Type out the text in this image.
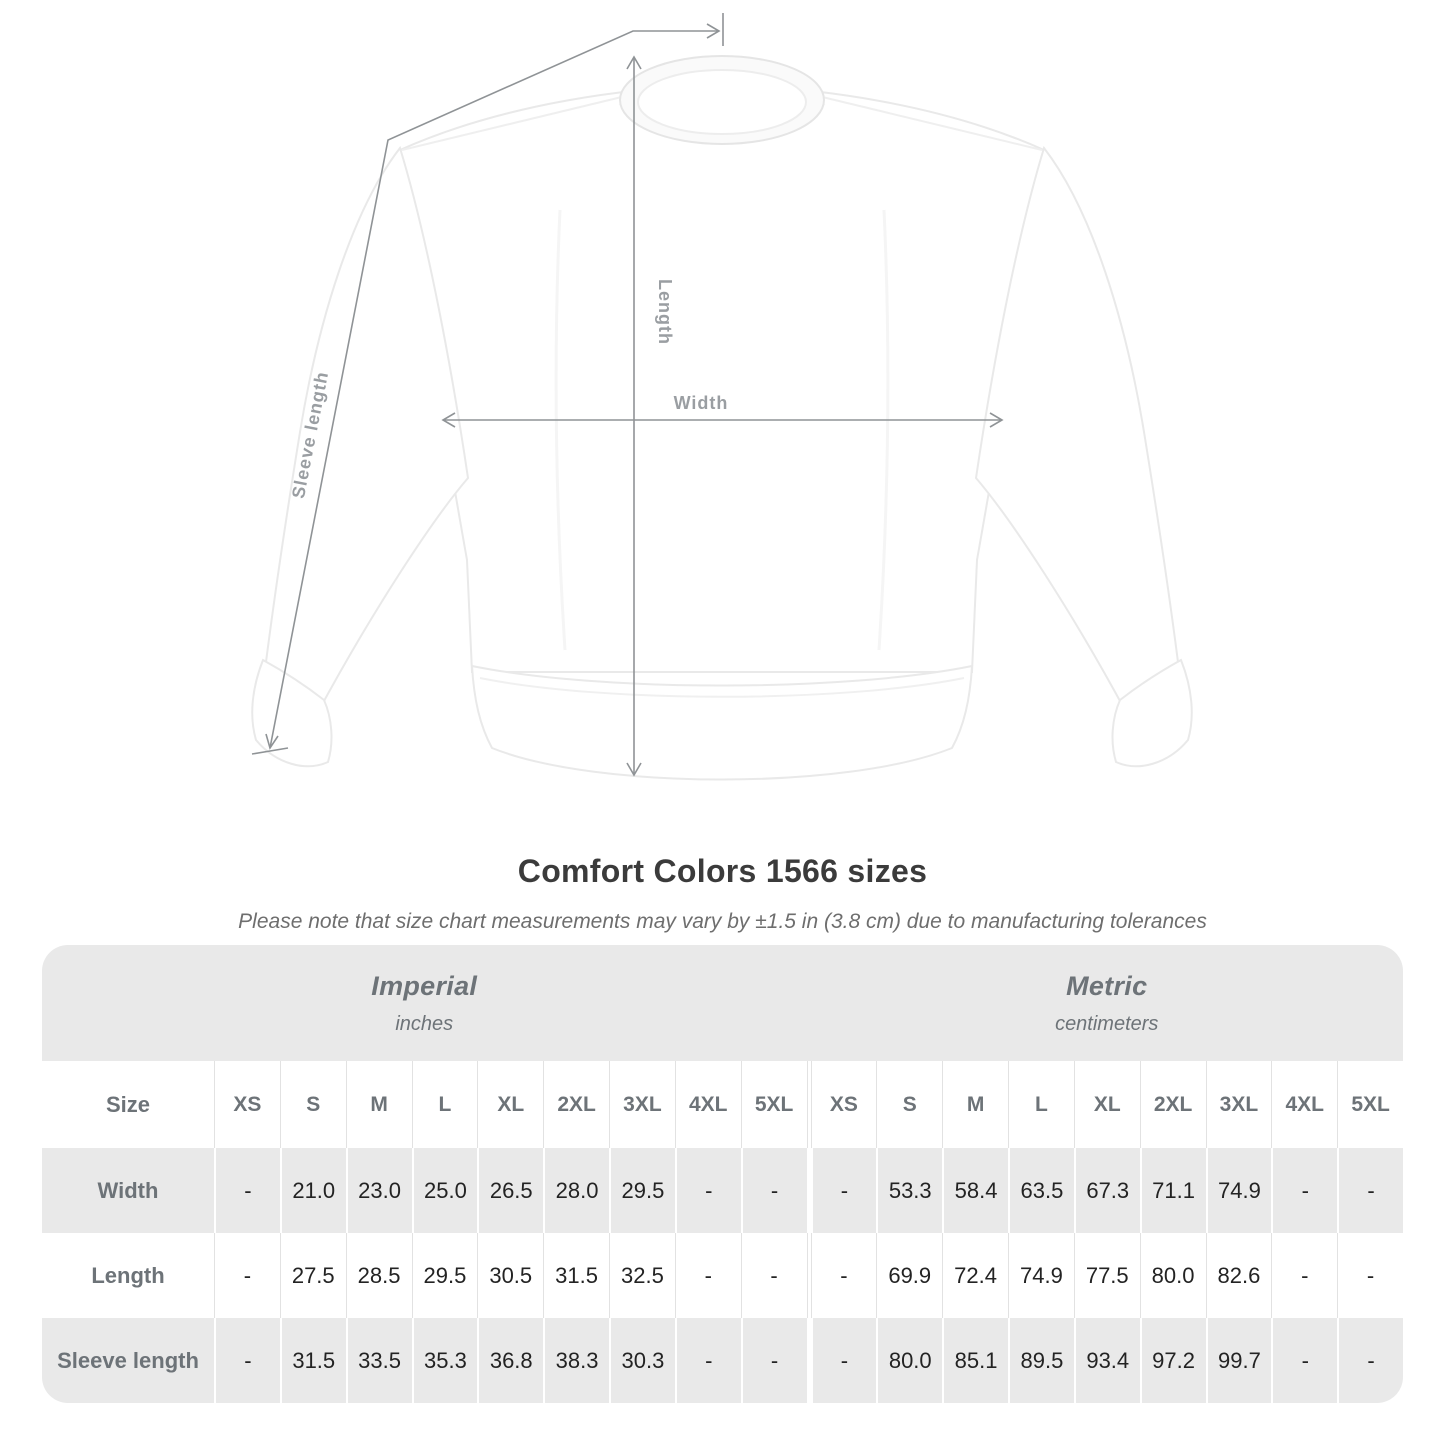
Sleeve length
Length
Width
Comfort Colors 1566 sizes

Please note that size chart measurements may vary by ±1.5 in (3.8 cm) due to manufacturing tolerances

Imperial
inches
Metric
centimeters
Size	XS	S	M	L	XL	2XL	3XL	4XL	5XL	XS	S	M	L	XL	2XL	3XL	4XL	5XL
Width	-	21.0	23.0	25.0	26.5	28.0	29.5	-	-	-	53.3	58.4	63.5	67.3	71.1	74.9	-	-
Length	-	27.5	28.5	29.5	30.5	31.5	32.5	-	-	-	69.9	72.4	74.9	77.5	80.0	82.6	-	-
Sleeve length	-	31.5	33.5	35.3	36.8	38.3	30.3	-	-	-	80.0	85.1	89.5	93.4	97.2	99.7	-	-
